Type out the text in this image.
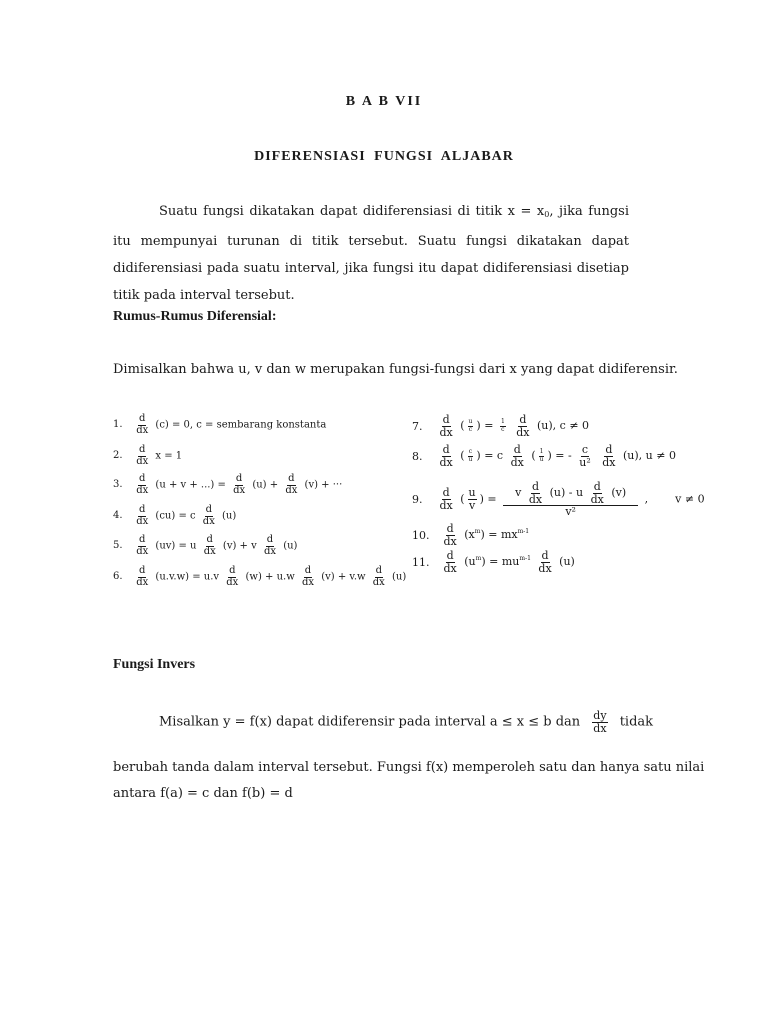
B A B VII
DIFERENSIASI FUNGSI ALJABAR

Suatu fungsi dikatakan dapat didiferensiasi di titik $x = x_0$, jika fungsi itu mempunyai turunan di titik tersebut. Suatu fungsi dikatakan dapat didiferensiasi pada suatu interval, jika fungsi itu dapat didiferensiasi disetiap titik pada interval tersebut.

Rumus-Rumus Diferensial:
Dimisalkan bahwa u, v dan w merupakan fungsi-fungsi dari x yang dapat didiferensir.
1. $\frac{d}{dx} (c) = 0$, c = sembarang konstanta
2. $\frac{d}{dx}$ x = 1
3. $\frac{d}{dx} (u + v$ + ...) = $\frac{d}{dx} (u) + \frac{d}{dx} (v)$ + ···
4. $\frac{d}{dx} (cu) = c \frac{d}{dx} (u)$
5. $\frac{d}{dx} (uv) = u \frac{d}{dx} (v) + v \frac{d}{dx} (u)$
6. $\frac{d}{dx} (u.v.w) = u.v \frac{d}{dx} (w) + u.w \frac{d}{dx} (v) + v.w \frac{d}{dx} (u)$
7. $\frac{d}{dx}$ ( $\frac{u}{c}$ ) = $\frac{1}{c}$
$\frac{d}{dx} (u)$, c ≠ 0
8. $\frac{d}{dx}$ ( $\frac{c}{u}$ ) = c $\frac{d}{dx}$ ( $\frac{1}{u}$ ) = - $\frac{c}{\text{u²}}$
$\frac{d}{dx} (u)$, u ≠ 0
9. $\frac{d}{dx}$ ( $\frac{u}{v}$ ) = $\frac{v \frac{d}{dx} (u) - u \frac{d}{dx} (v)}{\text{v²}}$ , v ≠ 0
10. $\frac{d}{dx} (x^m) = mx^{m-1}$
11. $\frac{d}{dx} (u^m) = mu^{m-1} \frac{d}{dx} (u)$
Fungsi Invers
Misalkan y = f(x) dapat didiferensir pada interval a ≤ x ≤ b dan $\frac{dy}{dx}$ tidak
berubah tanda dalam interval tersebut. Fungsi f(x) memperoleh satu dan hanya satu nilai
antara f(a) = c dan f(b) = d
